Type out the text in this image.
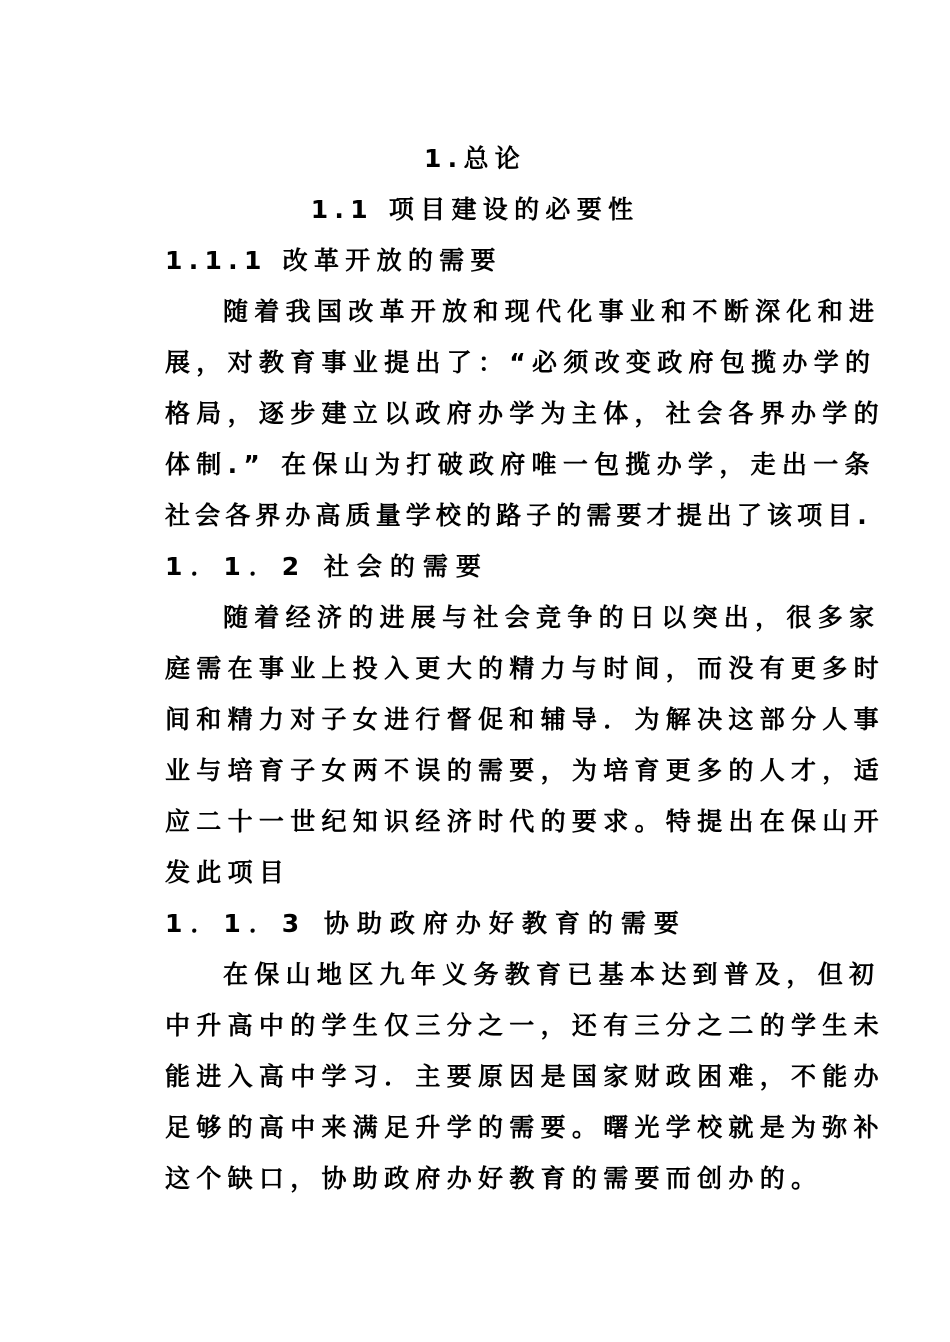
1.总论
1.1 项目建设的必要性
1.1.1 改革开放的需要
随着我国改革开放和现代化事业和不断深化和进
展，对教育事业提出了：“必须改变政府包揽办学的
格局，逐步建立以政府办学为主体，社会各界办学的
体制.” 在保山为打破政府唯一包揽办学，走出一条
社会各界办高质量学校的路子的需要才提出了该项目.
1．1．2 社会的需要
随着经济的进展与社会竞争的日以突出，很多家
庭需在事业上投入更大的精力与时间，而没有更多时
间和精力对子女进行督促和辅导．为解决这部分人事
业与培育子女两不误的需要，为培育更多的人才，适
应二十一世纪知识经济时代的要求。特提出在保山开
发此项目
1．1．3 协助政府办好教育的需要
在保山地区九年义务教育已基本达到普及，但初
中升高中的学生仅三分之一，还有三分之二的学生未
能进入高中学习．主要原因是国家财政困难，不能办
足够的高中来满足升学的需要。曙光学校就是为弥补
这个缺口，协助政府办好教育的需要而创办的。
